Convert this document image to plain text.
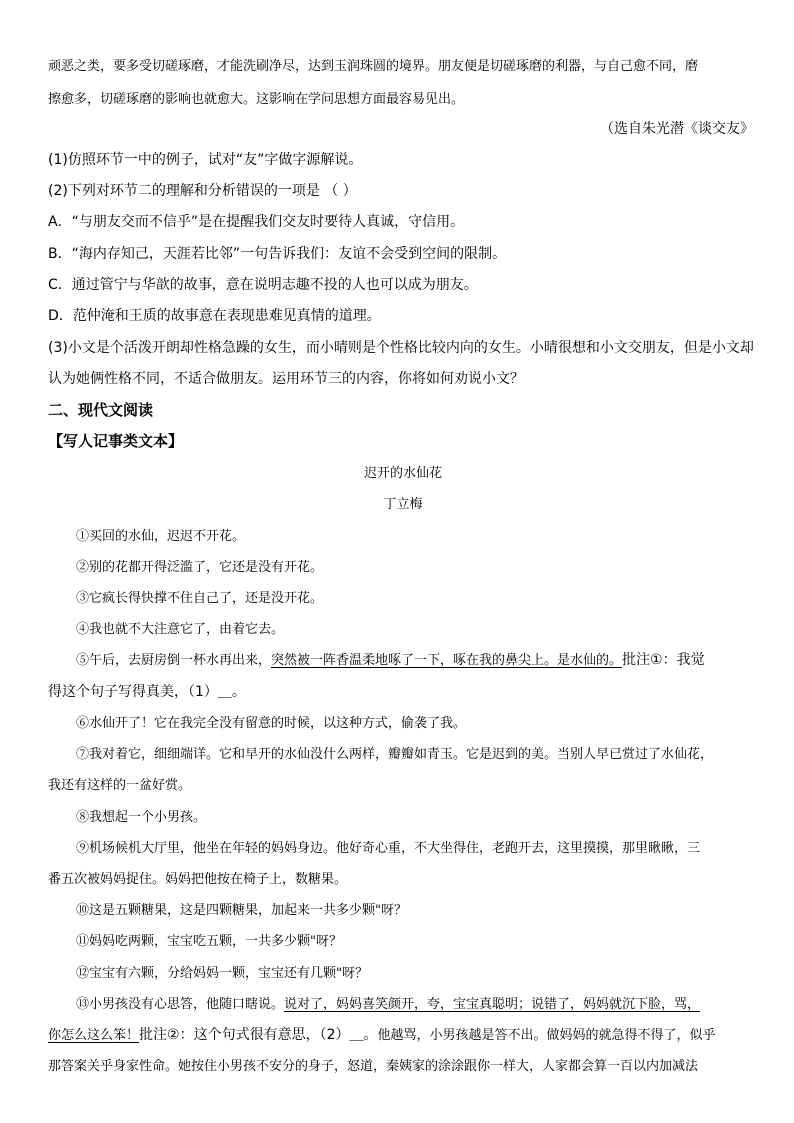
顽恶之类，要多受切磋琢磨，才能洗刷净尽，达到玉润珠圆的境界。朋友便是切磋琢磨的利器，与自己愈不同，磨
擦愈多，切磋琢磨的影响也就愈大。这影响在学问思想方面最容易见出。
（选自朱光潜《谈交友》
(1)仿照环节一中的例子，试对“友”字做字源解说。
(2)下列对环节二的理解和分析错误的一项是 （ ）
A．“与朋友交而不信乎”是在提醒我们交友时要待人真诚，守信用。
B．“海内存知己，天涯若比邻”一句告诉我们：友谊不会受到空间的限制。
C．通过管宁与华歆的故事，意在说明志趣不投的人也可以成为朋友。
D．范仲淹和王质的故事意在表现患难见真情的道理。
(3)小文是个活泼开朗却性格急躁的女生，而小晴则是个性格比较内向的女生。小晴很想和小文交朋友，但是小文却
认为她俩性格不同，不适合做朋友。运用环节三的内容，你将如何劝说小文？
二、现代文阅读
【写人记事类文本】
迟开的水仙花
丁立梅
①买回的水仙，迟迟不开花。
②别的花都开得泛滥了，它还是没有开花。
③它疯长得快撑不住自己了，还是没开花。
④我也就不大注意它了，由着它去。
⑤午后，去厨房倒一杯水再出来，突然被一阵香温柔地啄了一下，啄在我的鼻尖上。是水仙的。批注①：我觉
得这个句子写得真美，（1）＿。
⑥水仙开了！它在我完全没有留意的时候，以这种方式，偷袭了我。
⑦我对着它，细细端详。它和早开的水仙没什么两样，瓣瓣如青玉。它是迟到的美。当别人早已赏过了水仙花，
我还有这样的一盆好赏。
⑧我想起一个小男孩。
⑨机场候机大厅里，他坐在年轻的妈妈身边。他好奇心重，不大坐得住，老跑开去，这里摸摸，那里瞅瞅，三
番五次被妈妈捉住。妈妈把他按在椅子上，数糖果。
⑩这是五颗糖果，这是四颗糖果，加起来一共多少颗"呀？
⑪妈妈吃两颗，宝宝吃五颗，一共多少颗"呀？
⑫宝宝有六颗，分给妈妈一颗，宝宝还有几颗"呀？
⑬小男孩没有心思答，他随口瞎说。说对了，妈妈喜笑颜开，夸，宝宝真聪明；说错了，妈妈就沉下脸，骂，
你怎么这么笨！批注②：这个句式很有意思，（2）＿。他越骂，小男孩越是答不出。做妈妈的就急得不得了，似乎
那答案关乎身家性命。她按住小男孩不安分的身子，怒道，秦姨家的涂涂跟你一样大，人家都会算一百以内加减法
